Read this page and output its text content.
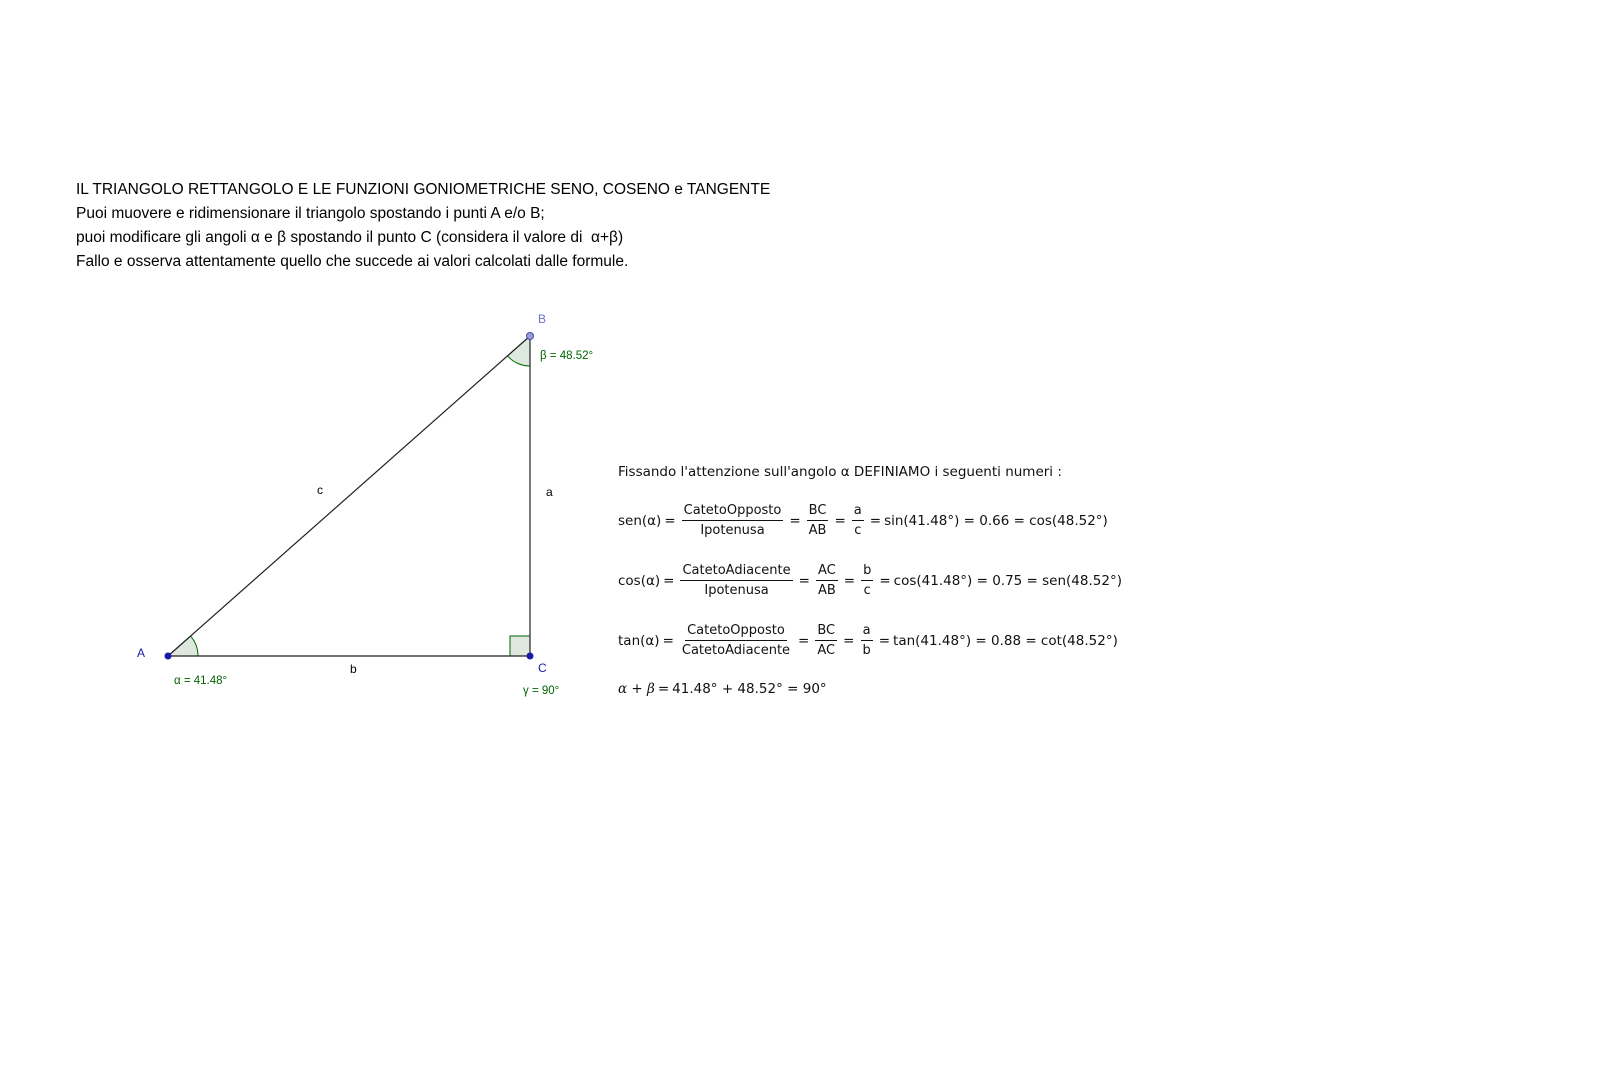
IL TRIANGOLO RETTANGOLO E LE FUNZIONI GONIOMETRICHE SENO, COSENO e TANGENTE
Puoi muovere e ridimensionare il triangolo spostando i punti A e/o B;
puoi modificare gli angoli α e β spostando il punto C (considera il valore di  α+β)
Fallo e osserva attentamente quello che succede ai valori calcolati dalle formule.
A
B
C
c	a
b
α = 41.48°
β = 48.52°
γ = 90°
Fissando l'attenzione sull'angolo α DEFINIAMO i seguenti numeri :
$sen(\alpha) = \frac{\text{CatetoOpposto}}{\text{Ipotenusa}} = \frac{BC}{AB} = \frac{a}{c} = \sin(41.48^\circ) = 0.66 = \cos(48.52^\circ)$
$\cos(\alpha) = \frac{\text{CatetoAdiacente}}{\text{Ipotenusa}} = \frac{AC}{AB} = \frac{b}{c} = \cos(41.48^\circ) = 0.75 = sen(48.52^\circ)$
$\tan(\alpha) = \frac{\text{CatetoOpposto}}{\text{CatetoAdiacente}} = \frac{BC}{AC} = \frac{a}{b} = \tan(41.48^\circ) = 0.88 = \cot(48.52^\circ)$
α + β = 41.48° + 48.52° = 90°
